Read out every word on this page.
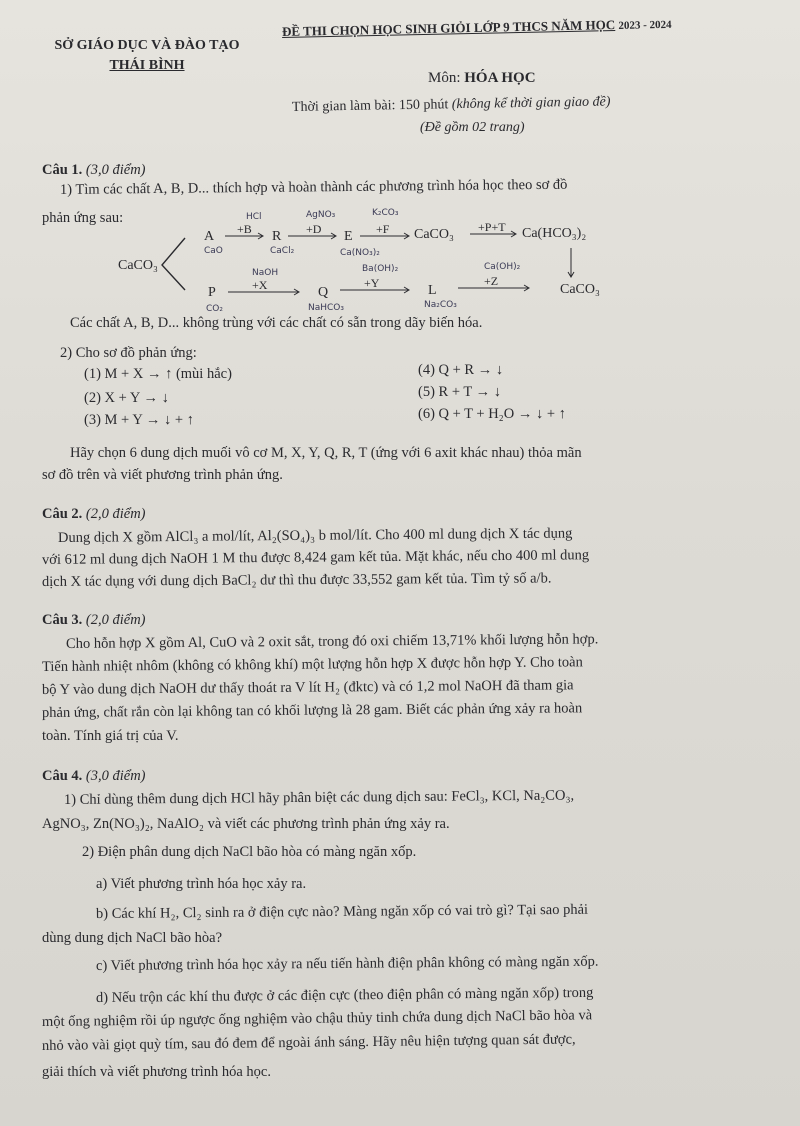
SỞ GIÁO DỤC VÀ ĐÀO TẠO
THÁI BÌNH
ĐỀ THI CHỌN HỌC SINH GIỎI LỚP 9 THCS NĂM HỌC 2023 - 2024
Môn: HÓA HỌC
Thời gian làm bài: 150 phút (không kể thời gian giao đề)
(Đề gồm 02 trang)
Câu 1. (3,0 điểm)
1) Tìm các chất A, B, D... thích hợp và hoàn thành các phương trình hóa học theo sơ đồ
phản ứng sau:
CaCO₃
A +B R +D E +F CaCO₃ +P+T Ca(HCO₃)₂
P	+X	Q
+Y	L
+Z
CaCO₃
HCl
CaO	CaCl₂
AgNO₃
Ca(NO₃)₂
K₂CO₃
NaOH
CO₂	NaHCO₃
Ba(OH)₂
Na₂CO₃
Ca(OH)₂
Các chất A, B, D... không trùng với các chất có sẵn trong dãy biến hóa.
2) Cho sơ đồ phản ứng:
(1) M + X → ↑ (mùi hắc)
(2) X + Y → ↓
(3) M + Y → ↓ + ↑
(4) Q + R → ↓
(5) R + T → ↓
(6) Q + T + H₂O → ↓ + ↑
Hãy chọn 6 dung dịch muối vô cơ M, X, Y, Q, R, T (ứng với 6 axit khác nhau) thỏa mãn
sơ đồ trên và viết phương trình phản ứng.
Câu 2. (2,0 điểm)
Dung dịch X gồm AlCl₃ a mol/lít, Al₂(SO₄)₃ b mol/lít. Cho 400 ml dung dịch X tác dụng
với 612 ml dung dịch NaOH 1 M thu được 8,424 gam kết tủa. Mặt khác, nếu cho 400 ml dung
dịch X tác dụng với dung dịch BaCl₂ dư thì thu được 33,552 gam kết tủa. Tìm tỷ số a/b.
Câu 3. (2,0 điểm)
Cho hỗn hợp X gồm Al, CuO và 2 oxit sắt, trong đó oxi chiếm 13,71% khối lượng hỗn hợp.
Tiến hành nhiệt nhôm (không có không khí) một lượng hỗn hợp X được hỗn hợp Y. Cho toàn
bộ Y vào dung dịch NaOH dư thấy thoát ra V lít H₂ (đktc) và có 1,2 mol NaOH đã tham gia
phản ứng, chất rắn còn lại không tan có khối lượng là 28 gam. Biết các phản ứng xảy ra hoàn
toàn. Tính giá trị của V.
Câu 4. (3,0 điểm)
1) Chỉ dùng thêm dung dịch HCl hãy phân biệt các dung dịch sau: FeCl₃, KCl, Na₂CO₃,
AgNO₃, Zn(NO₃)₂, NaAlO₂ và viết các phương trình phản ứng xảy ra.
2) Điện phân dung dịch NaCl bão hòa có màng ngăn xốp.
a) Viết phương trình hóa học xảy ra.
b) Các khí H₂, Cl₂ sinh ra ở điện cực nào? Màng ngăn xốp có vai trò gì? Tại sao phải
dùng dung dịch NaCl bão hòa?
c) Viết phương trình hóa học xảy ra nếu tiến hành điện phân không có màng ngăn xốp.
d) Nếu trộn các khí thu được ở các điện cực (theo điện phân có màng ngăn xốp) trong
một ống nghiệm rồi úp ngược ống nghiệm vào chậu thủy tinh chứa dung dịch NaCl bão hòa và
nhỏ vào vài giọt quỳ tím, sau đó đem để ngoài ánh sáng. Hãy nêu hiện tượng quan sát được,
giải thích và viết phương trình hóa học.
